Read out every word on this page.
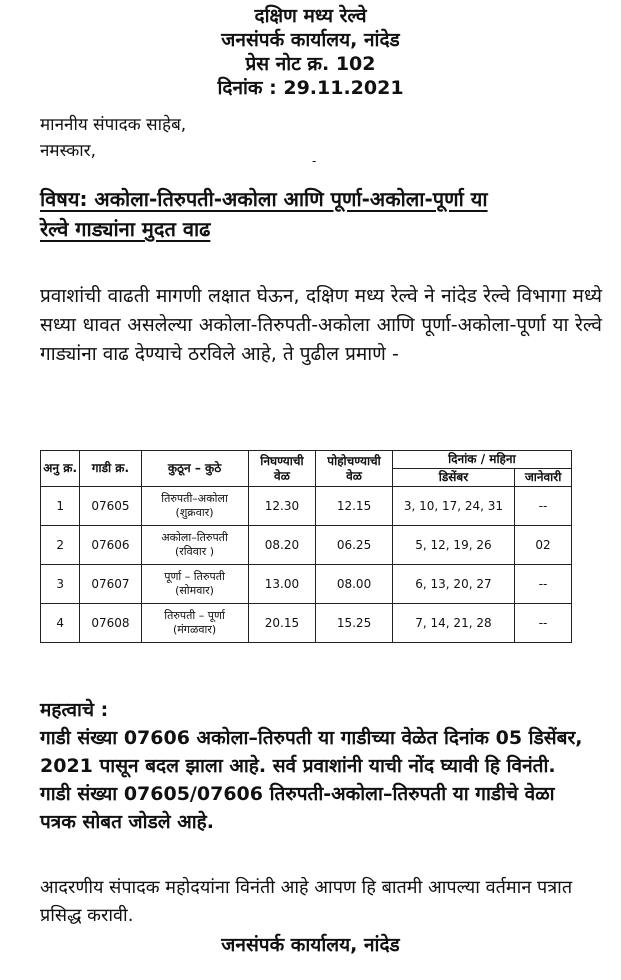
दक्षिण मध्य रेल्वे
जनसंपर्क कार्यालय, नांदेड
प्रेस नोट क्र. 102
दिनांक : 29.11.2021
माननीय संपादक साहेब,
नमस्कार,	-
विषय: अकोला-तिरुपती-अकोला आणि पूर्णा-अकोला-पूर्णा या
रेल्वे गाड्यांना मुदत वाढ
प्रवाशांची वाढती मागणी लक्षात घेऊन, दक्षिण मध्य रेल्वे ने नांदेड रेल्वे विभागा मध्ये सध्या धावत असलेल्या अकोला-तिरुपती-अकोला आणि पूर्णा-अकोला-पूर्णा या रेल्वे गाड्यांना वाढ देण्याचे ठरविले आहे, ते पुढील प्रमाणे -
अनु क्र.	गाडी क्र.	कुठून – कुठे	निघण्याची वेळ	पोहोचण्याची वेळ	दिनांक / महिना	
					डिसेंबर	जानेवारी
1	07605	तिरुपती–अकोला
(शुक्रवार)	12.30	12.15	3, 10, 17, 24, 31	--
2	07606	अकोला–तिरुपती
(रविवार )	08.20	06.25	5, 12, 19, 26	02
3	07607	पूर्णा – तिरुपती
(सोमवार)	13.00	08.00	6, 13, 20, 27	--
4	07608	तिरुपती – पूर्णा
(मंगळवार)	20.15	15.25	7, 14, 21, 28	--
महत्वाचे :
गाडी संख्या 07606 अकोला–तिरुपती या गाडीच्या वेळेत दिनांक 05 डिसेंबर, 2021 पासून बदल झाला आहे. सर्व प्रवाशांनी याची नोंद घ्यावी हि विनंती.
गाडी संख्या 07605/07606 तिरुपती-अकोला–तिरुपती या गाडीचे वेळा पत्रक सोबत जोडले आहे.
आदरणीय संपादक महोदयांना विनंती आहे आपण हि बातमी आपल्या वर्तमान पत्रात प्रसिद्ध करावी.
जनसंपर्क कार्यालय, नांदेड
